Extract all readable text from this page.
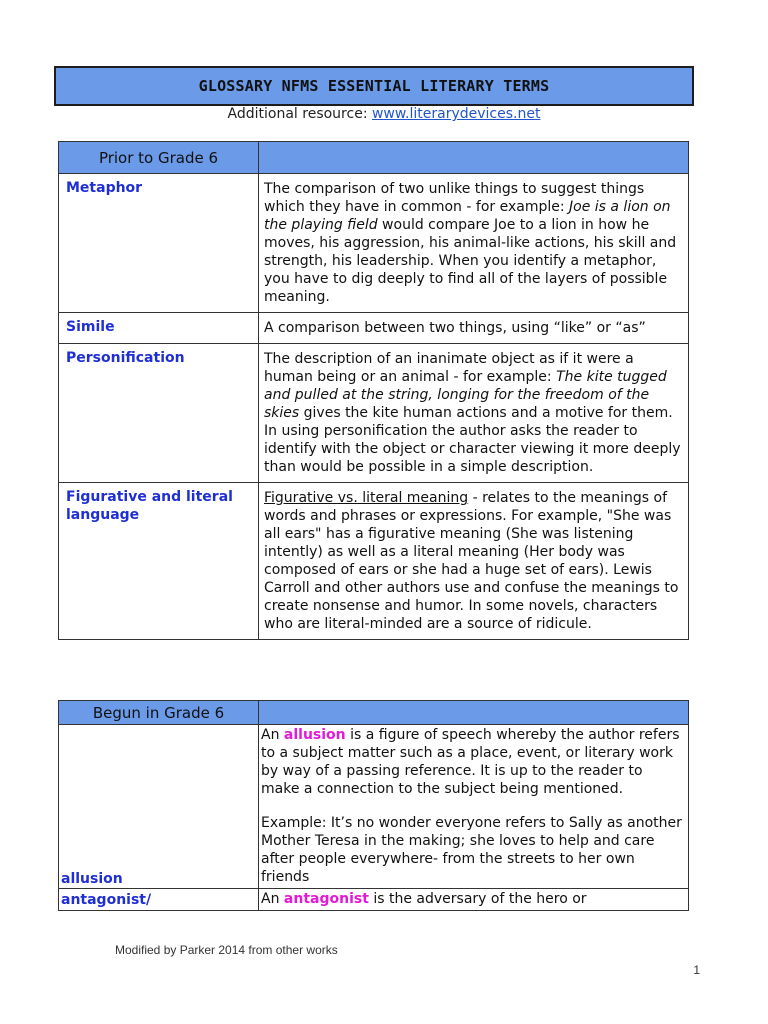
GLOSSARY NFMS ESSENTIAL LITERARY TERMS
Additional resource: www.literarydevices.net
Prior to Grade 6	
Metaphor	The comparison of two unlike things to suggest things which they have in common - for example: Joe is a lion on the playing field would compare Joe to a lion in how he moves, his aggression, his animal-like actions, his skill and strength, his leadership. When you identify a metaphor, you have to dig deeply to find all of the layers of possible meaning.
Simile	A comparison between two things, using “like” or “as”
Personification	The description of an inanimate object as if it were a human being or an animal - for example: The kite tugged and pulled at the string, longing for the freedom of the skies gives the kite human actions and a motive for them. In using personification the author asks the reader to identify with the object or character viewing it more deeply than would be possible in a simple description.
Figurative and literal language	Figurative vs. literal meaning - relates to the meanings of words and phrases or expressions. For example, "She was all ears" has a figurative meaning (She was listening intently) as well as a literal meaning (Her body was composed of ears or she had a huge set of ears). Lewis Carroll and other authors use and confuse the meanings to create nonsense and humor. In some novels, characters who are literal-minded are a source of ridicule.
Begun in Grade 6	
allusion	An allusion is a figure of speech whereby the author refers to a subject matter such as a place, event, or literary work by way of a passing reference. It is up to the reader to make a connection to the subject being mentioned.
Example: It’s no wonder everyone refers to Sally as another Mother Teresa in the making; she loves to help and care after people everywhere- from the streets to her own friends

antagonist/	An antagonist is the adversary of the hero or
Modified by Parker 2014 from other works
1
